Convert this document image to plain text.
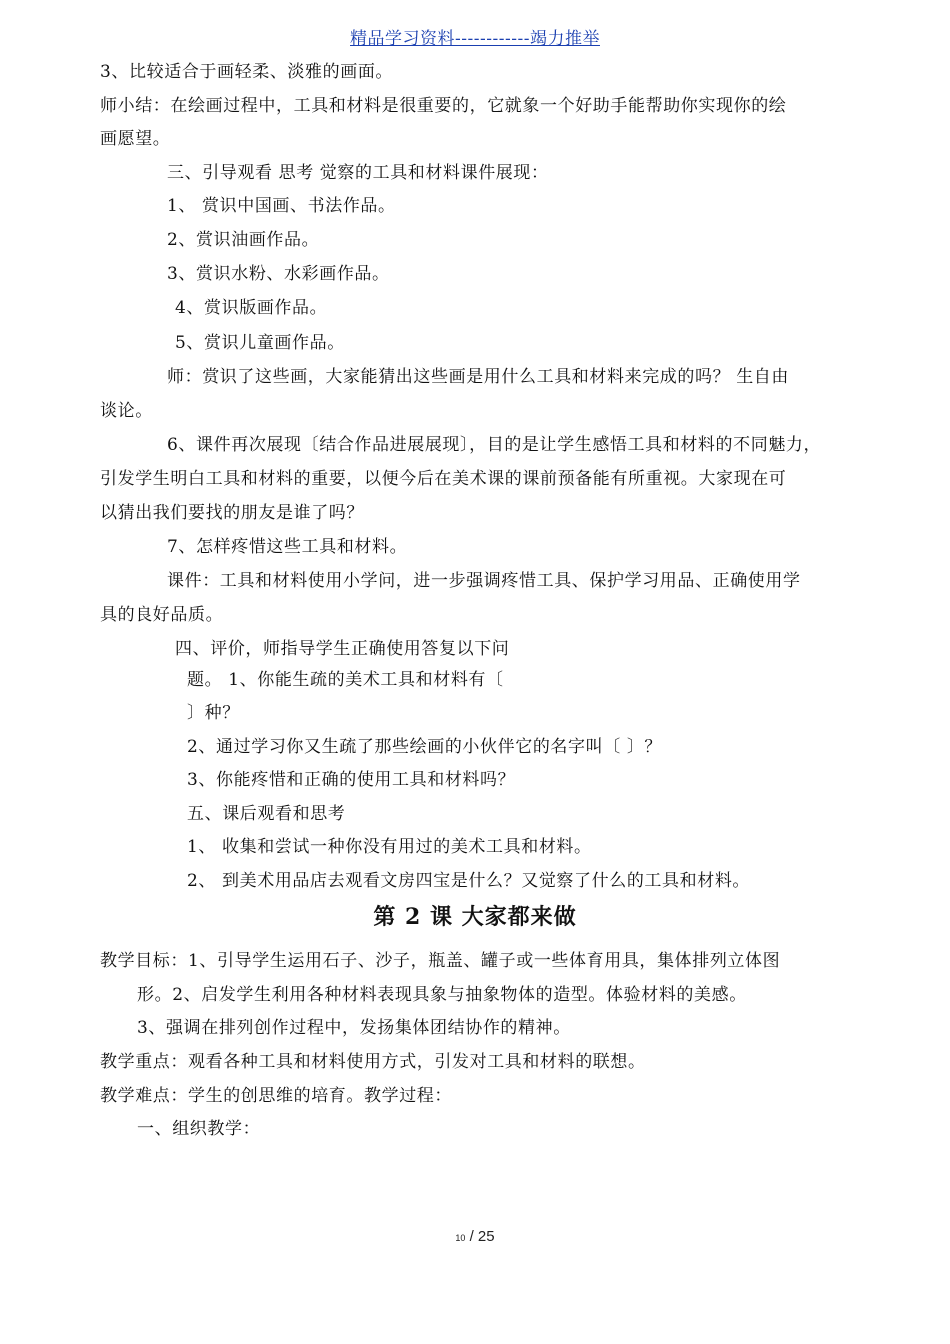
精品学习资料------------竭力推举
3、比较适合于画轻柔、淡雅的画面。
师小结：在绘画过程中，工具和材料是很重要的，它就象一个好助手能帮助你实现你的绘
画愿望。
三、引导观看 思考 觉察的工具和材料课件展现：
1、 赏识中国画、书法作品。
2、赏识油画作品。
3、赏识水粉、水彩画作品。
4、赏识版画作品。
5、赏识儿童画作品。
师：赏识了这些画，大家能猜出这些画是用什么工具和材料来完成的吗？ 生自由
谈论。
6、课件再次展现〔结合作品进展展现〕，目的是让学生感悟工具和材料的不同魅力，
引发学生明白工具和材料的重要，以便今后在美术课的课前预备能有所重视。大家现在可
以猜出我们要找的朋友是谁了吗？
7、怎样疼惜这些工具和材料。
课件：工具和材料使用小学问，进一步强调疼惜工具、保护学习用品、正确使用学
具的良好品质。
四、评价，师指导学生正确使用答复以下问
题。 1、你能生疏的美术工具和材料有〔
〕种？
2、通过学习你又生疏了那些绘画的小伙伴它的名字叫〔 〕？
3、你能疼惜和正确的使用工具和材料吗？
五、课后观看和思考
1、 收集和尝试一种你没有用过的美术工具和材料。
2、 到美术用品店去观看文房四宝是什么？又觉察了什么的工具和材料。
第 2 课 大家都来做
教学目标：1、引导学生运用石子、沙子，瓶盖、罐子或一些体育用具，集体排列立体图
形。2、启发学生利用各种材料表现具象与抽象物体的造型。体验材料的美感。
3、强调在排列创作过程中，发扬集体团结协作的精神。
教学重点：观看各种工具和材料使用方式，引发对工具和材料的联想。
教学难点：学生的创思维的培育。教学过程：
一、组织教学：
10 / 25
